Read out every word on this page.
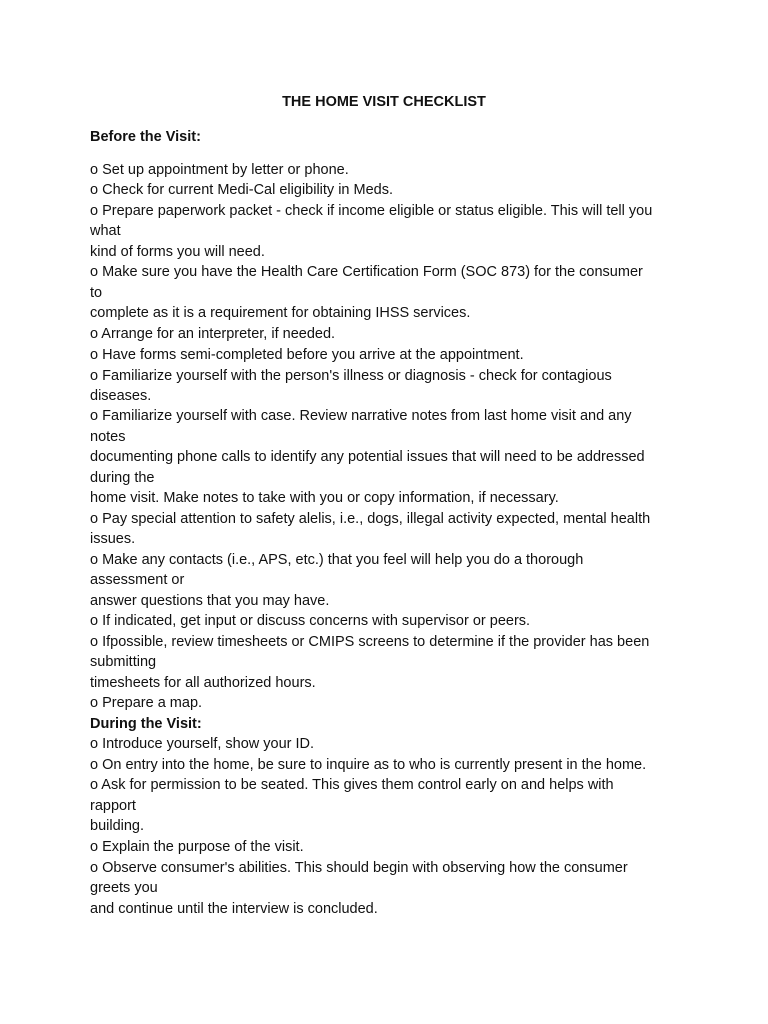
THE HOME VISIT CHECKLIST
Before the Visit:
o Set up appointment by letter or phone.
o Check for current Medi-Cal eligibility in Meds.
o Prepare paperwork packet - check if income eligible or status eligible. This will tell you
what
kind of forms you will need.
o Make sure you have the Health Care Certification Form (SOC 873) for the consumer
to
complete as it is a requirement for obtaining IHSS services.
o Arrange for an interpreter, if needed.
o Have forms semi-completed before you arrive at the appointment.
o Familiarize yourself with the person's illness or diagnosis - check for contagious
diseases.
o Familiarize yourself with case. Review narrative notes from last home visit and any
notes
documenting phone calls to identify any potential issues that will need to be addressed
during the
home visit. Make notes to take with you or copy information, if necessary.
o Pay special attention to safety alelis, i.e., dogs, illegal activity expected, mental health
issues.
o Make any contacts (i.e., APS, etc.) that you feel will help you do a thorough
assessment or
answer questions that you may have.
o If indicated, get input or discuss concerns with supervisor or peers.
o Ifpossible, review timesheets or CMIPS screens to determine if the provider has been
submitting
timesheets for all authorized hours.
o Prepare a map.
During the Visit:
o Introduce yourself, show your ID.
o On entry into the home, be sure to inquire as to who is currently present in the home.
o Ask for permission to be seated. This gives them control early on and helps with
rapport
building.
o Explain the purpose of the visit.
o Observe consumer's abilities. This should begin with observing how the consumer
greets you
and continue until the interview is concluded.
